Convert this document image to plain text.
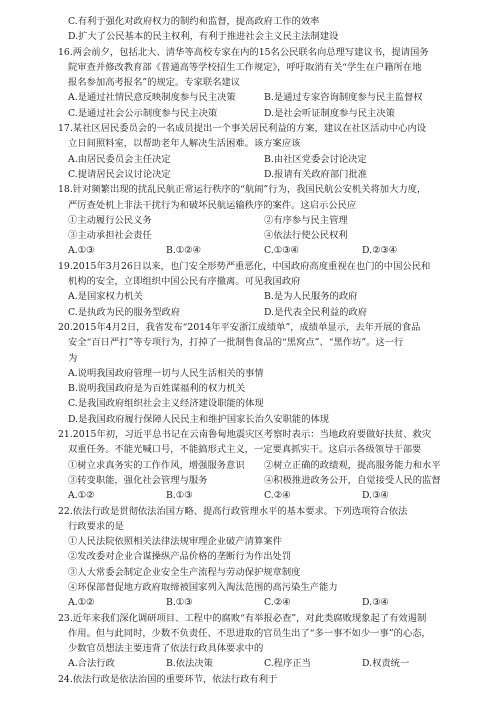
C.有利于强化对政府权力的制约和监督，提高政府工作的效率
D.扩大了公民基本的民主权利，有利于推进社会主义民主法制建设
16.两会前夕，包括北大、清华等高校专家在内的15名公民联名向总理写建议书，提请国务
院审查并修改教育部《普通高等学校招生工作规定》，呼吁取消有关“学生在户籍所在地
报名参加高考报名”的规定。专家联名建议
A.是通过社情民意反映制度参与民主决策	B.是通过专家咨询制度参与民主监督权
C.是通过社会公示制度参与民主决策	D.是社会听证制度参与民主决策
17.某社区居民委员会的一名成员提出一个事关居民利益的方案，建议在社区活动中心内设
立日间照料室，以帮助老年人解决生活困难。该方案应该
A.由居民委员会主任决定	B.由社区党委会讨论决定
C.提请居民会议讨论决定	D.报请有关政府部门批准
18.针对频繁出现的扰乱民航正常运行秩序的“航闹”行为，我国民航公安机关将加大力度，
严厉查处机上非法干扰行为和破坏民航运输秩序的案件。这启示公民应
①主动履行公民义务	②有序参与民主管理
③主动承担社会责任	④依法行使公民权利
A.①③	B.①②④	C.①③④	D.②③④
19.2015年3月26日以来，也门安全形势严重恶化，中国政府高度重视在也门的中国公民和
机构的安全，立即组织中国公民有序撤离。可见我国政府
A.是国家权力机关	B.是为人民服务的政府
C.是执政为民的服务型政府	D.是代表全民利益的政府
20.2015年4月2日，我省发布“2014年平安浙江成绩单”，成绩单显示，去年开展的食品
安全“百日严打”等专项行为，打掉了一批制售食品的“黑窝点”、“黑作坊”。这一行
为
A.说明我国政府管理一切与人民生活相关的事情
B.说明我国政府是为百姓谋福利的权力机关
C.是我国政府组织社会主义经济建设职能的体现
D.是我国政府履行保障人民民主和维护国家长治久安职能的体现
21.2015年初，习近平总书记在云南鲁甸地震灾区考察时表示：当地政府要做好扶贫、救灾
双重任务。不能光喊口号，不能搞形式主义，一定要真抓实干。这启示各级领导干部要
①树立求真务实的工作作风，增强服务意识	②树立正确的政绩观，提高服务能力和水平
③转变职能，强化社会管理与服务	④积极推进政务公开，自觉接受人民的监督
A.①②	B.①③	C.②④	D.③④
22.依法行政是贯彻依法治国方略、提高行政管理水平的基本要求。下列选项符合依法
行政要求的是
①人民法院依照相关法律法规审理企业破产清算案件
②发改委对企业合谋操纵产品价格的垄断行为作出处罚
③人大常委会制定企业安全生产流程与劳动保护规章制度
④环保部督促地方政府取缔被国家列入淘汰范围的高污染生产能力
A.①②	B.①③	C.②④	D.③④
23.近年来我们深化调研项目、工程中的腐败“有举报必查”，对此类腐败现象起了有效遏制
作用。但与此同时，少数不负责任、不思进取的官员生出了“多一事不如少一事”的心态，
少数官员想法主要违背了依法行政具体要求中的
A.合法行政	B.依法决策	C.程序正当	D.权责统一
24.依法行政是依法治国的重要环节，依法行政有利于
